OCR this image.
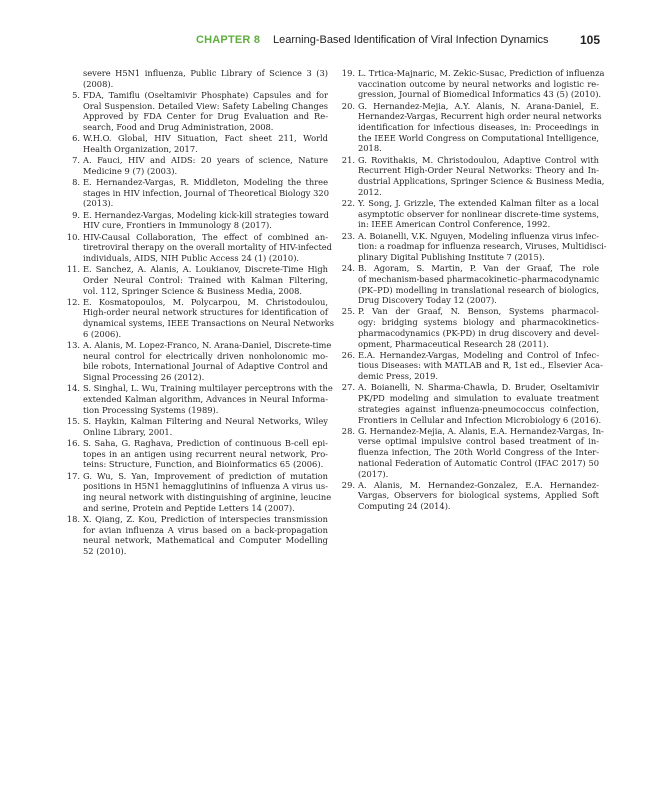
CHAPTER 8 Learning-Based Identification of Viral Infection Dynamics	105
severe H5N1 influenza, Public Library of Science 3 (3)
(2008).
5. FDA, Tamiflu (Oseltamivir Phosphate) Capsules and for
Oral Suspension. Detailed View: Safety Labeling Changes
Approved by FDA Center for Drug Evaluation and Re-
search, Food and Drug Administration, 2008.
6. W.H.O. Global, HIV Situation, Fact sheet 211, World
Health Organization, 2017.
7. A. Fauci, HIV and AIDS: 20 years of science, Nature
Medicine 9 (7) (2003).
8. E. Hernandez-Vargas, R. Middleton, Modeling the three
stages in HIV infection, Journal of Theoretical Biology 320
(2013).
9. E. Hernandez-Vargas, Modeling kick-kill strategies toward
HIV cure, Frontiers in Immunology 8 (2017).
10. HIV-Causal Collaboration, The effect of combined an-
tiretroviral therapy on the overall mortality of HIV-infected
individuals, AIDS, NIH Public Access 24 (1) (2010).
11. E. Sanchez, A. Alanis, A. Loukianov, Discrete-Time High
Order Neural Control: Trained with Kalman Filtering,
vol. 112, Springer Science & Business Media, 2008.
12. E. Kosmatopoulos, M. Polycarpou, M. Christodoulou,
High-order neural network structures for identification of
dynamical systems, IEEE Transactions on Neural Networks
6 (2006).
13. A. Alanis, M. Lopez-Franco, N. Arana-Daniel, Discrete-time
neural control for electrically driven nonholonomic mo-
bile robots, International Journal of Adaptive Control and
Signal Processing 26 (2012).
14. S. Singhal, L. Wu, Training multilayer perceptrons with the
extended Kalman algorithm, Advances in Neural Informa-
tion Processing Systems (1989).
15. S. Haykin, Kalman Filtering and Neural Networks, Wiley
Online Library, 2001.
16. S. Saha, G. Raghava, Prediction of continuous B-cell epi-
topes in an antigen using recurrent neural network, Pro-
teins: Structure, Function, and Bioinformatics 65 (2006).
17. G. Wu, S. Yan, Improvement of prediction of mutation
positions in H5N1 hemagglutinins of influenza A virus us-
ing neural network with distinguishing of arginine, leucine
and serine, Protein and Peptide Letters 14 (2007).
18. X. Qiang, Z. Kou, Prediction of interspecies transmission
for avian influenza A virus based on a back-propagation
neural network, Mathematical and Computer Modelling
52 (2010).
19. L. Trtica-Majnaric, M. Zekic-Susac, Prediction of influenza
vaccination outcome by neural networks and logistic re-
gression, Journal of Biomedical Informatics 43 (5) (2010).
20. G. Hernandez-Mejia, A.Y. Alanis, N. Arana-Daniel, E.
Hernandez-Vargas, Recurrent high order neural networks
identification for infectious diseases, in: Proceedings in
the IEEE World Congress on Computational Intelligence,
2018.
21. G. Rovithakis, M. Christodoulou, Adaptive Control with
Recurrent High-Order Neural Networks: Theory and In-
dustrial Applications, Springer Science & Business Media,
2012.
22. Y. Song, J. Grizzle, The extended Kalman filter as a local
asymptotic observer for nonlinear discrete-time systems,
in: IEEE American Control Conference, 1992.
23. A. Boianelli, V.K. Nguyen, Modeling influenza virus infec-
tion: a roadmap for influenza research, Viruses, Multidisci-
plinary Digital Publishing Institute 7 (2015).
24. B. Agoram, S. Martin, P. Van der Graaf, The role
of mechanism-based pharmacokinetic–pharmacodynamic
(PK–PD) modelling in translational research of biologics,
Drug Discovery Today 12 (2007).
25. P. Van der Graaf, N. Benson, Systems pharmacol-
ogy: bridging systems biology and pharmacokinetics-
pharmacodynamics (PK-PD) in drug discovery and devel-
opment, Pharmaceutical Research 28 (2011).
26. E.A. Hernandez-Vargas, Modeling and Control of Infec-
tious Diseases: with MATLAB and R, 1st ed., Elsevier Aca-
demic Press, 2019.
27. A. Boianelli, N. Sharma-Chawla, D. Bruder, Oseltamivir
PK/PD modeling and simulation to evaluate treatment
strategies against influenza-pneumococcus coinfection,
Frontiers in Cellular and Infection Microbiology 6 (2016).
28. G. Hernandez-Mejia, A. Alanis, E.A. Hernandez-Vargas, In-
verse optimal impulsive control based treatment of in-
fluenza infection, The 20th World Congress of the Inter-
national Federation of Automatic Control (IFAC 2017) 50
(2017).
29. A. Alanis, M. Hernandez-Gonzalez, E.A. Hernandez-
Vargas, Observers for biological systems, Applied Soft
Computing 24 (2014).
